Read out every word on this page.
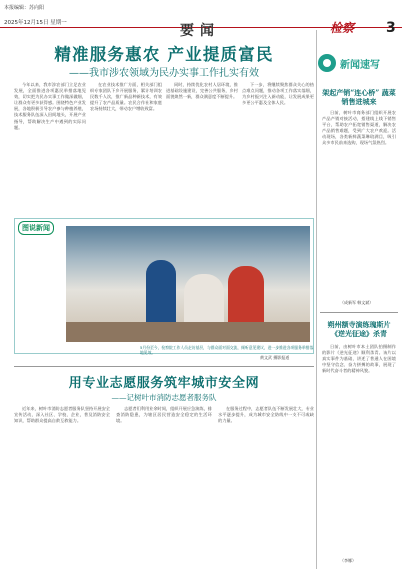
本报编辑：苏向阳
2025年12月15日 星期一	要闻	检察	3
精准服务惠农 产业提质富民
——我市涉农领域为民办实事工作扎实有效

今年以来，我市涉农部门立足农业发展，全面推进各项惠民举措落地见效，切实把为民办实事工作做深做细，让群众有更多获得感。围绕特色产业发展，各地积极引导农户参与种植养殖，技术服务队伍深入田间地头，开展产业指导，帮助解决生产中遇到的实际问题。

在农业技术推广方面，相关部门组织专家团队下乡开展服务，累计培训农民数千人次，推广新品种新技术，有效提升了农产品质量。农民合作社和家庭农场持续壮大，带动农户增收致富。

同时，持续优化农村人居环境，推进基础设施建设，完善公共服务，乡村面貌焕然一新，群众满意度不断提升。

下一步，将继续聚焦群众关心的热点难点问题，推动各项工作落实落细，为乡村振兴注入新动能，让发展成果更多更公平惠及全体人民。

图说新闻
5月份至今，检察院工作人员走访基层，与群众面对面交流，倾听意见建议，进一步推进各项服务举措落地见效。
黄文武 摄影报道
用专业志愿服务筑牢城市安全网
——记树叶市消防志愿者服务队

近年来，树叶市消防志愿者服务队坚持开展安全宣传活动，深入社区、学校、企业，普及消防安全知识，帮助群众提高自救互救能力。

志愿者们利用业余时间，组织开展应急演练，排查消防隐患，为辖区居民营造安全稳定的生活环境。

在服务过程中，志愿者队伍不断发展壮大，专业水平逐步提升，成为城市安全防线中一支不可或缺的力量。

新闻速写
架起产销“连心桥” 蔬菜销售进城来

日前，树叶市商务部门组织开展农产品产销对接活动，搭建线上线下销售平台，帮助农户拓宽销售渠道，解决农产品销售难题，受到广大农户欢迎。活动现场，各类新鲜蔬菜琳琅满目，吸引众多市民前来选购，现场气氛热烈。

（成新军 韩文斌）
朔州额寺演练瑰斯片《逆光征途》杀青

日前，由树叶市本土团队拍摄制作的影片《逆光征途》顺利杀青。该片以真实事件为基础，讲述了普通人在困境中坚守信念、奋力拼搏的故事，展现了新时代奋斗者的精神风貌。

（李娜）
